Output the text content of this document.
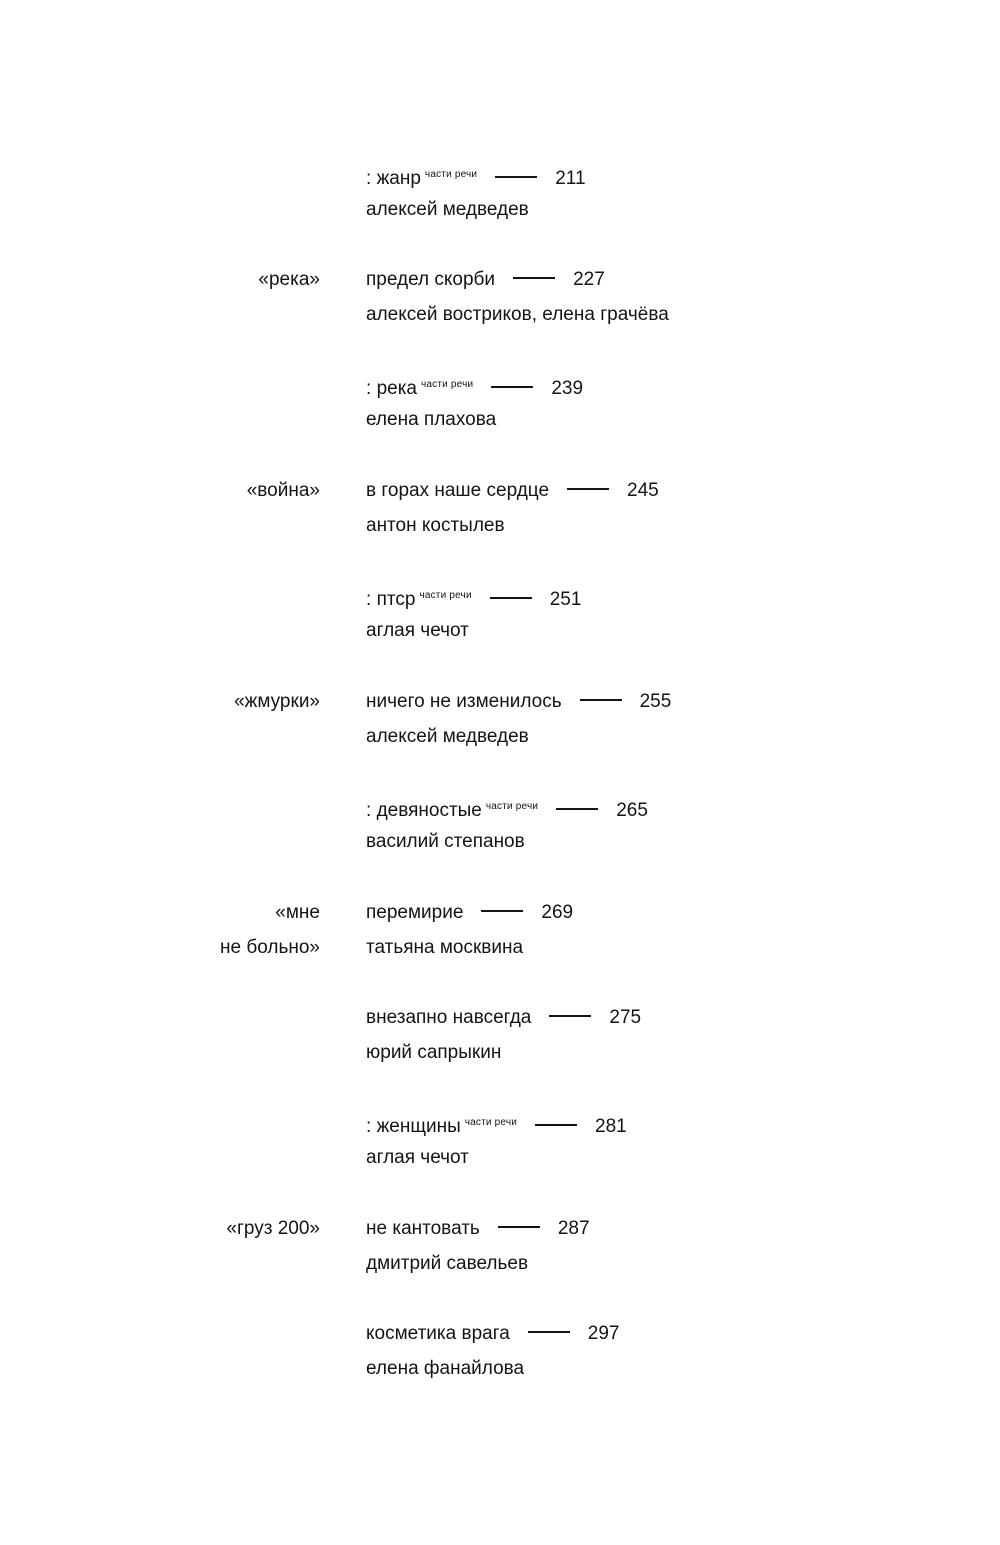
: жанр $^{части речи}$	211
алексей медведев
«река» предел скорби	227
алексей востриков, елена грачёва
: река $^{части речи}$	239
елена плахова
«война» в горах наше сердце	245
антон костылев
: птср $^{части речи}$	251
аглая чечот
«жмурки» ничего не изменилось	255
алексей медведев
: девяностые $^{части речи}$	265
василий степанов
«мне
не больно»
перемирие	269
татьяна москвина
внезапно навсегда	275
юрий сапрыкин
: женщины $^{части речи}$	281
аглая чечот
«груз 200» не кантовать	287
дмитрий савельев
косметика врага	297
елена фанайлова
